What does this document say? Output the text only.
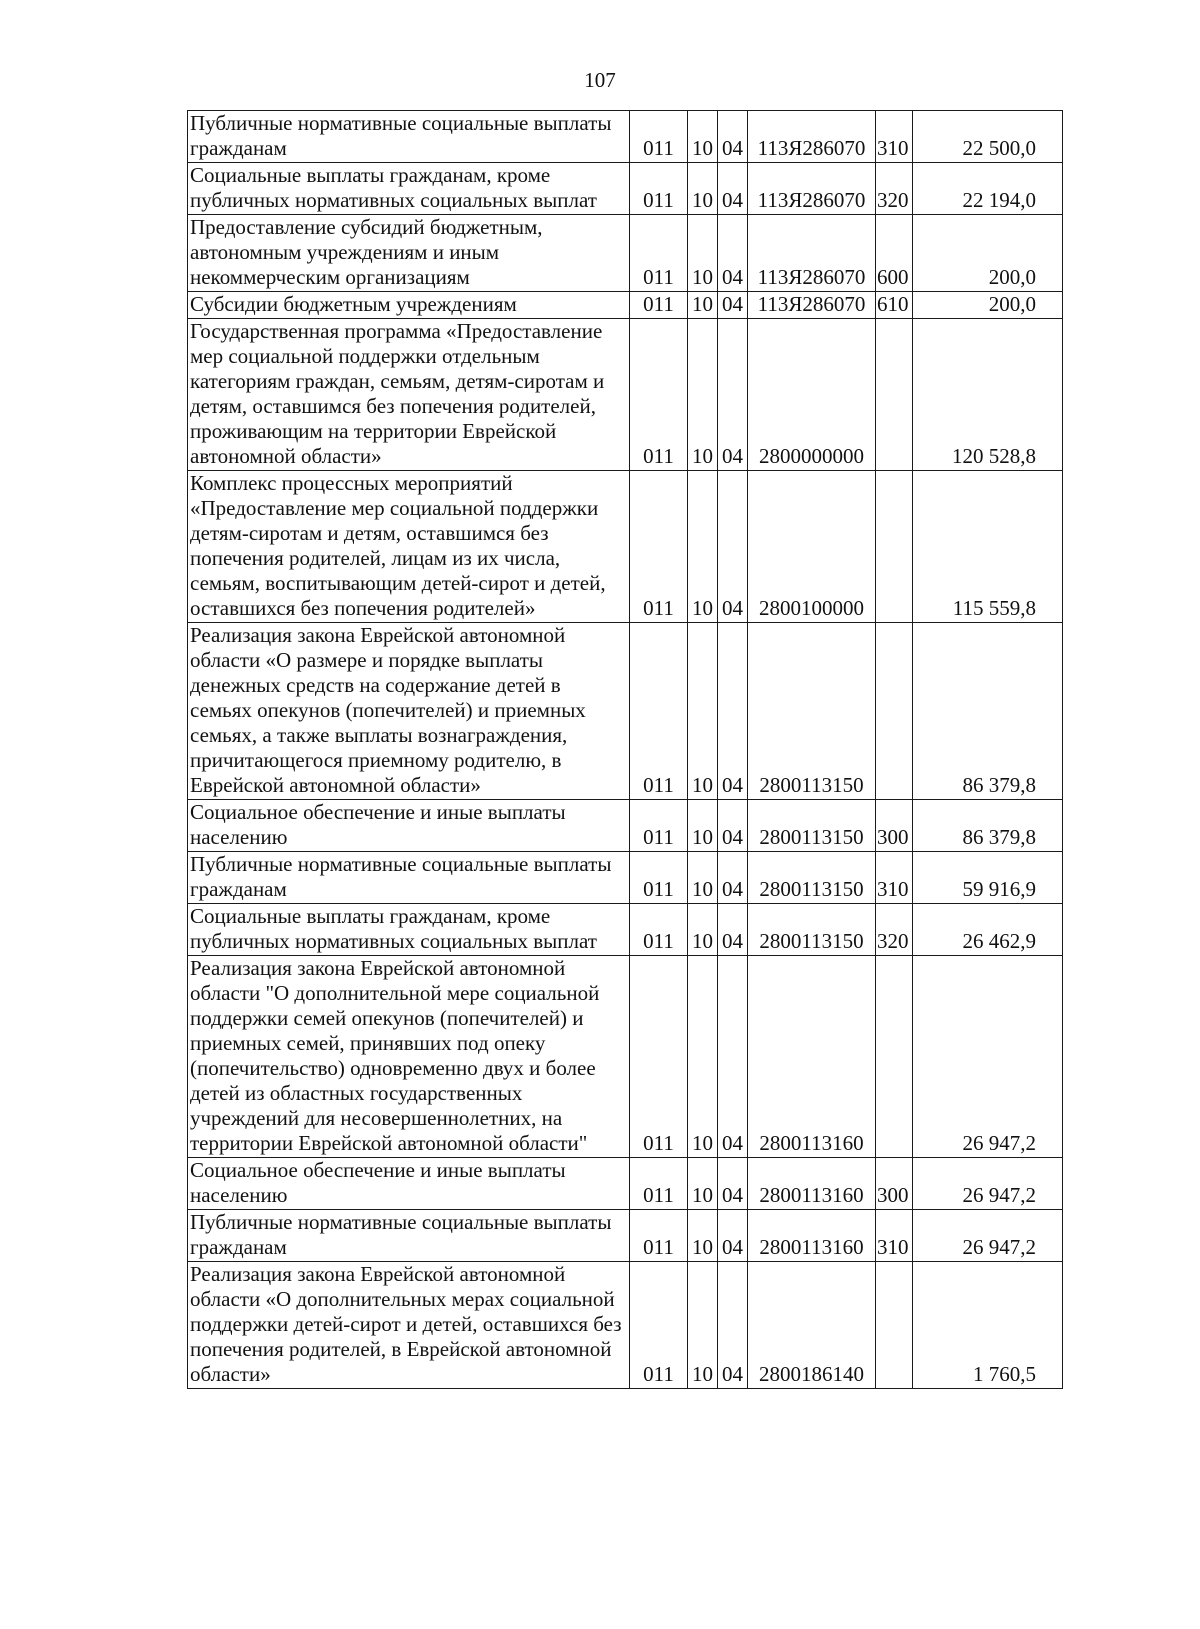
107
Публичные нормативные социальные выплаты гражданам	011	10	04	113Я286070	310	22 500,0
Социальные выплаты гражданам, кроме публичных нормативных социальных выплат	011	10	04	113Я286070	320	22 194,0
Предоставление субсидий бюджетным, автономным учреждениям и иным некоммерческим организациям	011	10	04	113Я286070	600	200,0
Субсидии бюджетным учреждениям	011	10	04	113Я286070	610	200,0
Государственная программа «Предоставление мер социальной поддержки отдельным категориям граждан, семьям, детям-сиротам и детям, оставшимся без попечения родителей, проживающим на территории Еврейской автономной области»	011	10	04	2800000000		120 528,8
Комплекс процессных мероприятий «Предоставление мер социальной поддержки детям-сиротам и детям, оставшимся без попечения родителей, лицам из их числа, семьям, воспитывающим детей-сирот и детей, оставшихся без попечения родителей»	011	10	04	2800100000		115 559,8
Реализация закона Еврейской автономной области «О размере и порядке выплаты денежных средств на содержание детей в семьях опекунов (попечителей) и приемных семьях, а также выплаты вознаграждения, причитающегося приемному родителю, в Еврейской автономной области»	011	10	04	2800113150		86 379,8
Социальное обеспечение и иные выплаты населению	011	10	04	2800113150	300	86 379,8
Публичные нормативные социальные выплаты гражданам	011	10	04	2800113150	310	59 916,9
Социальные выплаты гражданам, кроме публичных нормативных социальных выплат	011	10	04	2800113150	320	26 462,9
Реализация закона Еврейской автономной области "О дополнительной мере социальной поддержки семей опекунов (попечителей) и приемных семей, принявших под опеку (попечительство) одновременно двух и более детей из областных государственных учреждений для несовершеннолетних, на территории Еврейской автономной области"	011	10	04	2800113160		26 947,2
Социальное обеспечение и иные выплаты населению	011	10	04	2800113160	300	26 947,2
Публичные нормативные социальные выплаты гражданам	011	10	04	2800113160	310	26 947,2
Реализация закона Еврейской автономной области «О дополнительных мерах социальной поддержки детей-сирот и детей, оставшихся без попечения родителей, в Еврейской автономной области»	011	10	04	2800186140		1 760,5
